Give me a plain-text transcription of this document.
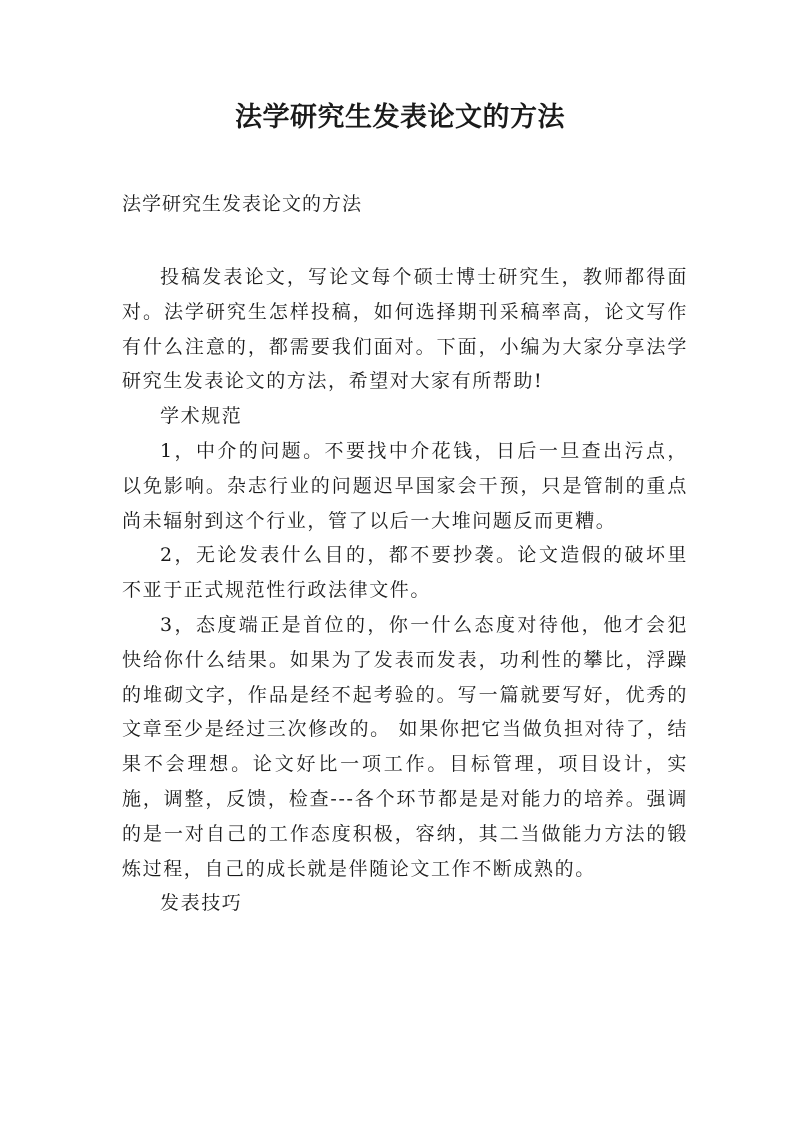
法学研究生发表论文的方法
法学研究生发表论文的方法

投稿发表论文，写论文每个硕士博士研究生，教师都得面对。法学研究生怎样投稿，如何选择期刊采稿率高，论文写作有什么注意的，都需要我们面对。下面，小编为大家分享法学研究生发表论文的方法，希望对大家有所帮助!

学术规范

1，中介的问题。不要找中介花钱，日后一旦查出污点，以免影响。杂志行业的问题迟早国家会干预，只是管制的重点尚未辐射到这个行业，管了以后一大堆问题反而更糟。

2，无论发表什么目的，都不要抄袭。论文造假的破坏里不亚于正式规范性行政法律文件。

3，态度端正是首位的，你一什么态度对待他，他才会犯快给你什么结果。如果为了发表而发表，功利性的攀比，浮躁的堆砌文字，作品是经不起考验的。写一篇就要写好，优秀的文章至少是经过三次修改的。 如果你把它当做负担对待了，结果不会理想。论文好比一项工作。目标管理，项目设计，实施，调整，反馈，检查---各个环节都是是对能力的培养。强调的是一对自己的工作态度积极，容纳，其二当做能力方法的锻炼过程，自己的成长就是伴随论文工作不断成熟的。

发表技巧
